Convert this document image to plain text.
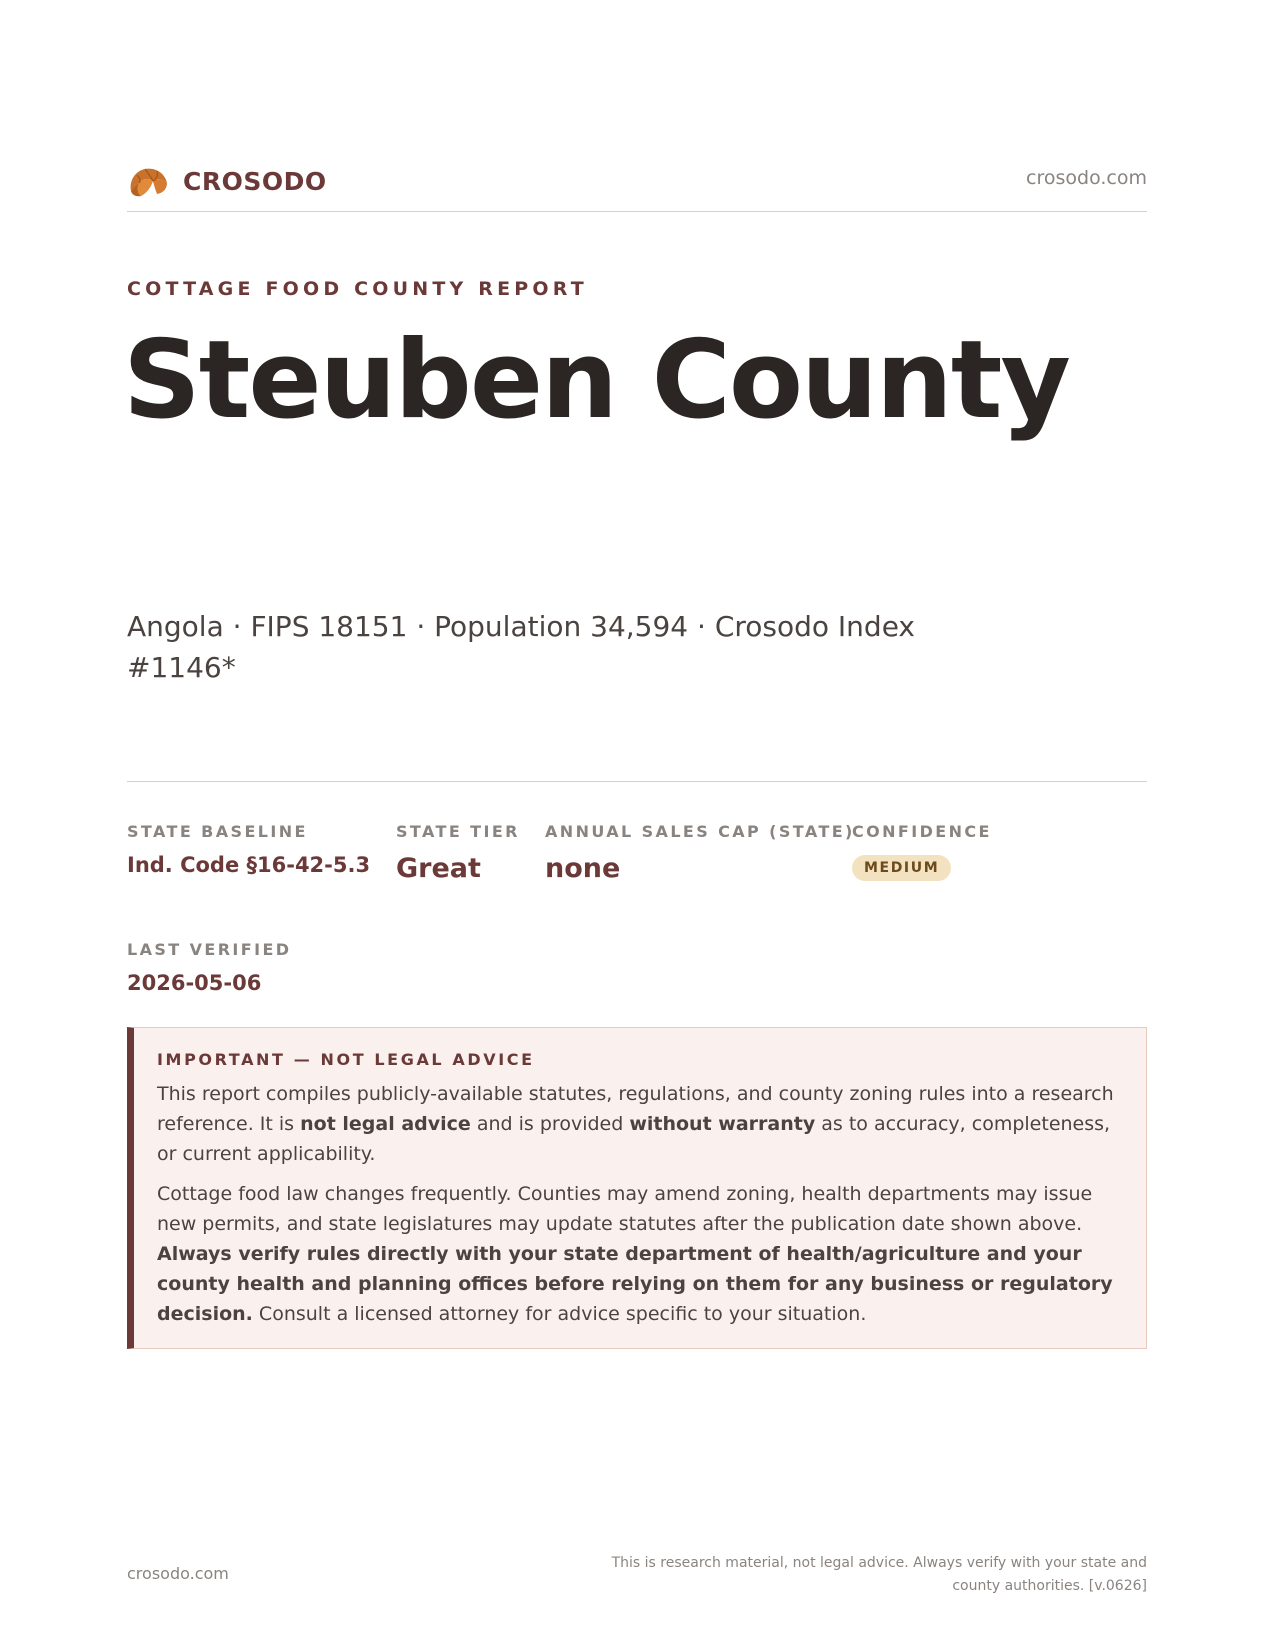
CROSODO	crosodo.com
COTTAGE FOOD COUNTY REPORT
Steuben County
Angola · FIPS 18151 · Population 34,594 · Crosodo Index #1146*
STATE BASELINE
Ind. Code §16-42-5.3
STATE TIER
Great
ANNUAL SALES CAP (STATE)
none
CONFIDENCE
MEDIUM
LAST VERIFIED
2026-05-06
IMPORTANT — NOT LEGAL ADVICE

This report compiles publicly-available statutes, regulations, and county zoning rules into a research reference. It is not legal advice and is provided without warranty as to accuracy, completeness, or current applicability.

Cottage food law changes frequently. Counties may amend zoning, health departments may issue new permits, and state legislatures may update statutes after the publication date shown above. Always verify rules directly with your state department of health/agriculture and your county health and planning offices before relying on them for any business or regulatory decision. Consult a licensed attorney for advice specific to your situation.

crosodo.com
This is research material, not legal advice. Always verify with your state and county authorities. [v.0626]
